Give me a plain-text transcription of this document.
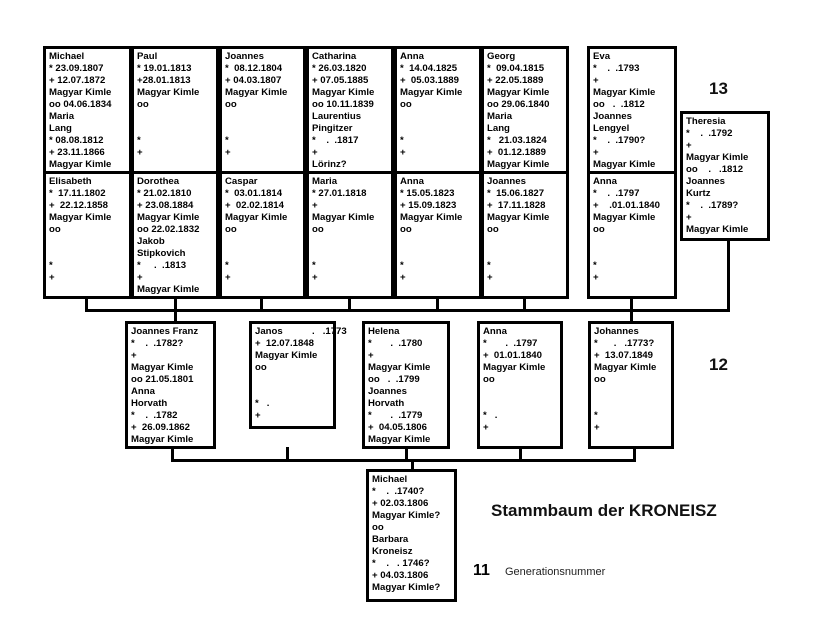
13
12
Stammbaum der KRONEISZ
11 Generationsnummer
Michael
* 23.09.1807
+ 12.07.1872
Magyar Kimle
oo 04.06.1834
Maria
Lang
* 08.08.1812
+ 23.11.1866
Magyar Kimle
Paul
* 19.01.1813
+28.01.1813
Magyar Kimle
oo
*
+
Joannes
*  08.12.1804
+ 04.03.1807
Magyar Kimle
oo
*
+
Catharina
* 26.03.1820
+ 07.05.1885
Magyar Kimle
oo 10.11.1839
Laurentius
Pingitzer
*    .  .1817
+
Lörinz?
Anna
*  14.04.1825
+  05.03.1889
Magyar Kimle
oo
*
+
Georg
*  09.04.1815
+ 22.05.1889
Magyar Kimle
oo 29.06.1840
Maria
Lang
*   21.03.1824
+  01.12.1889
Magyar Kimle
Eva
*    .  .1793
+
Magyar Kimle
oo   .  .1812
Joannes
Lengyel
*    .  .1790?
+
Magyar Kimle
Elisabeth
*  17.11.1802
+  22.12.1858
Magyar Kimle
oo
*
+
Dorothea
* 21.02.1810
+ 23.08.1884
Magyar Kimle
oo 22.02.1832
Jakob
Stipkovich
*     .  .1813
+
Magyar Kimle
Caspar
*  03.01.1814
+  02.02.1814
Magyar Kimle
oo
*
+
Maria
* 27.01.1818
+
Magyar Kimle
oo
*
+
Anna
* 15.05.1823
+ 15.09.1823
Magyar Kimle
oo
*
+
Joannes
*  15.06.1827
+  17.11.1828
Magyar Kimle
oo
*
+
Anna
*    .  .1797
+    .01.01.1840
Magyar Kimle
oo
*
+
Theresia
*    .  .1792
+
Magyar Kimle
oo    .   .1812
Joannes
Kurtz
*    .  .1789?
+
Magyar Kimle
Joannes Franz
*    .  .1782?
+
Magyar Kimle
oo 21.05.1801
Anna
Horvath
*    .  .1782
+  26.09.1862
Magyar Kimle
Janos           .   .1773
+  12.07.1848
Magyar Kimle
oo
*   .
+
Helena
*       .  .1780
+
Magyar Kimle
oo   .  .1799
Joannes
Horvath
*       .  .1779
+  04.05.1806
Magyar Kimle
Anna
*       .  .1797
+  01.01.1840
Magyar Kimle
oo
*   .
+
Johannes
*      .   .1773?
+  13.07.1849
Magyar Kimle
oo
*
+
Michael
*    .  .1740?
+ 02.03.1806
Magyar Kimle?
oo
Barbara
Kroneisz
*    .   . 1746?
+ 04.03.1806
Magyar Kimle?
